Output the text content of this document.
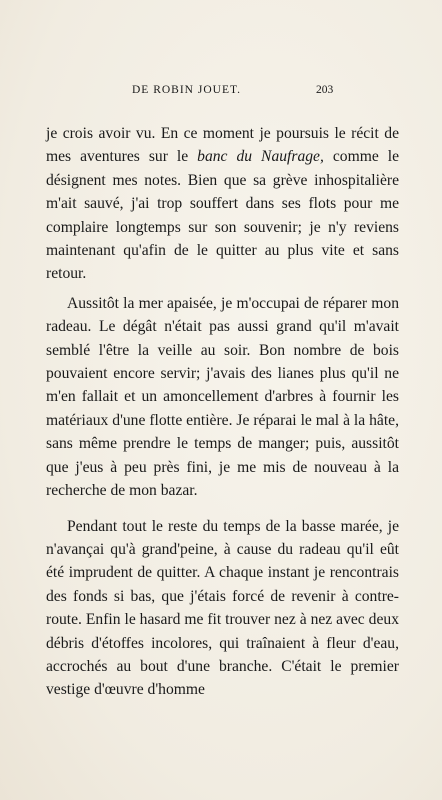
DE ROBIN JOUET.	203

je crois avoir vu. En ce moment je poursuis le récit de mes aventures sur le banc du Naufrage, comme le désignent mes notes. Bien que sa grève inhospitalière m'ait sauvé, j'ai trop souffert dans ses flots pour me complaire longtemps sur son souvenir; je n'y reviens maintenant qu'afin de le quitter au plus vite et sans retour.

Aussitôt la mer apaisée, je m'occupai de réparer mon radeau. Le dégât n'était pas aussi grand qu'il m'avait semblé l'être la veille au soir. Bon nombre de bois pouvaient encore servir; j'avais des lianes plus qu'il ne m'en fallait et un amoncellement d'arbres à fournir les matériaux d'une flotte entière. Je réparai le mal à la hâte, sans même prendre le temps de manger; puis, aussitôt que j'eus à peu près fini, je me mis de nouveau à la recherche de mon bazar.

Pendant tout le reste du temps de la basse marée, je n'avançai qu'à grand'peine, à cause du radeau qu'il eût été imprudent de quitter. A chaque instant je rencontrais des fonds si bas, que j'étais forcé de revenir à contre-route. Enfin le hasard me fit trouver nez à nez avec deux débris d'étoffes incolores, qui traînaient à fleur d'eau, accrochés au bout d'une branche. C'était le premier vestige d'œuvre d'homme
